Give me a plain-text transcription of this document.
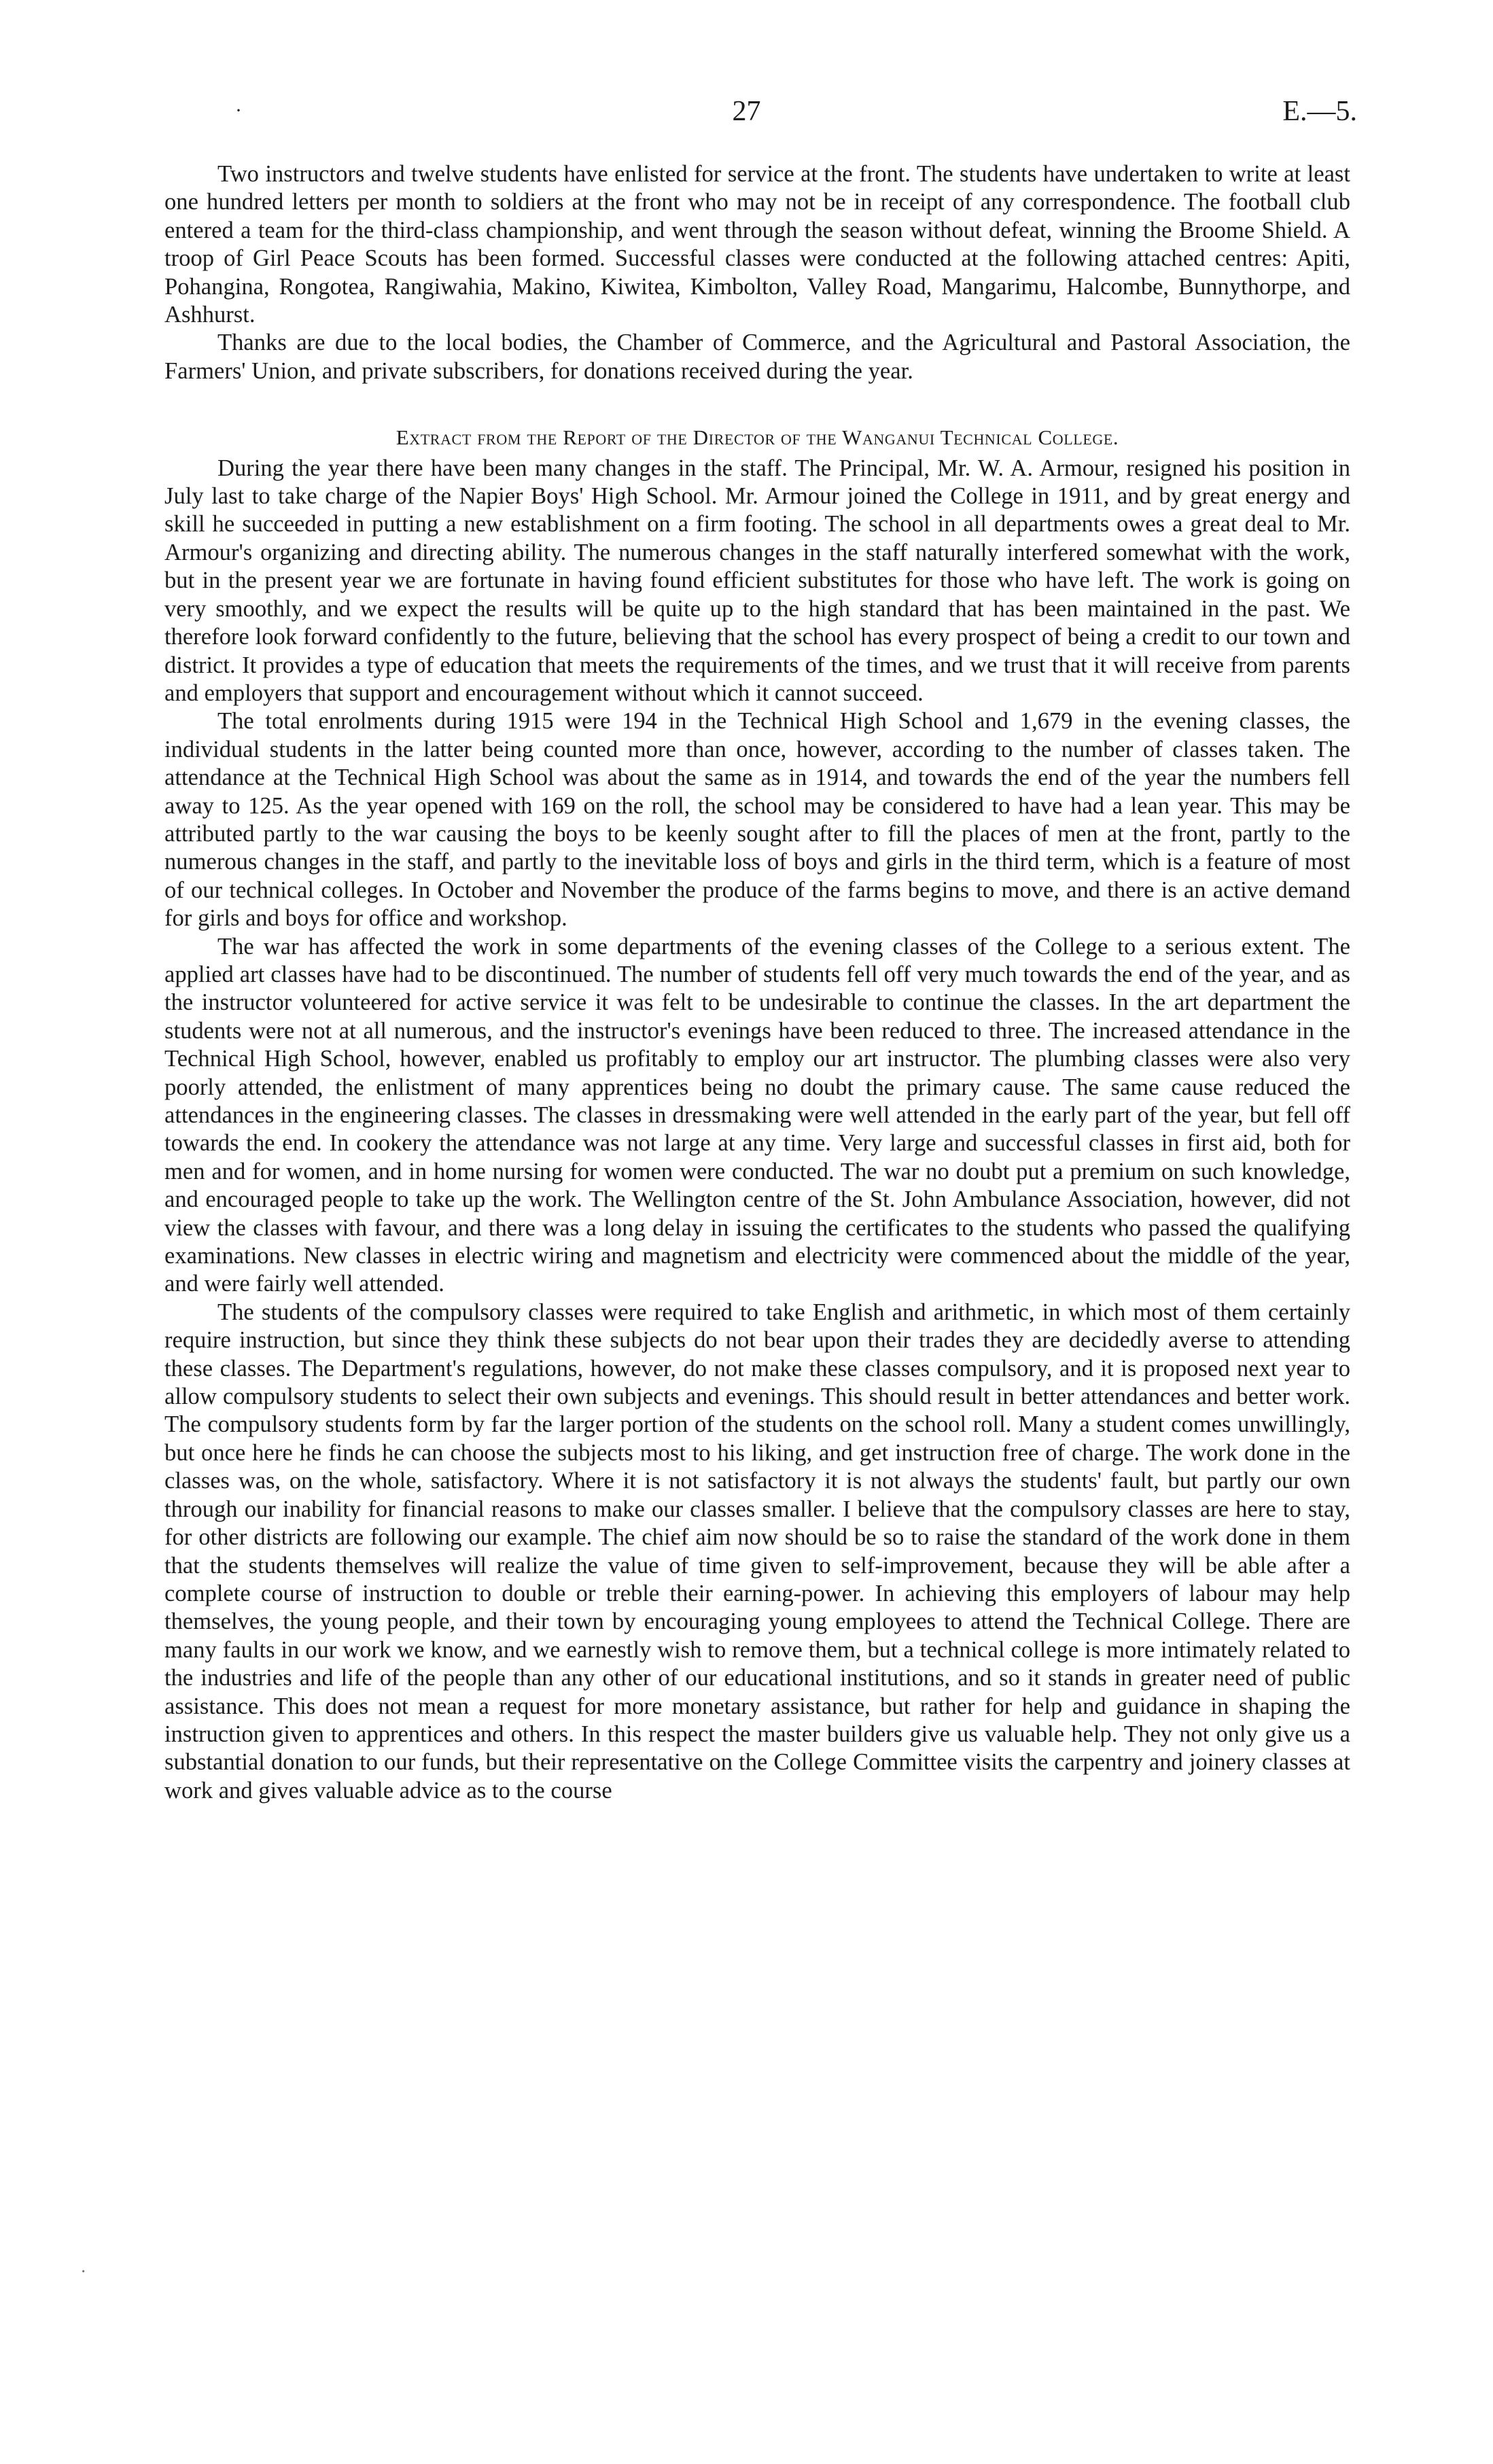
·	27	E.—5.

Two instructors and twelve students have enlisted for service at the front. The students have undertaken to write at least one hundred letters per month to soldiers at the front who may not be in receipt of any correspondence. The football club entered a team for the third-class championship, and went through the season without defeat, winning the Broome Shield. A troop of Girl Peace Scouts has been formed. Successful classes were conducted at the following attached centres: Apiti, Pohangina, Rongotea, Rangiwahia, Makino, Kiwitea, Kimbolton, Valley Road, Mangarimu, Halcombe, Bunnythorpe, and Ashhurst.

Thanks are due to the local bodies, the Chamber of Commerce, and the Agricultural and Pastoral Association, the Farmers' Union, and private subscribers, for donations received during the year.

Extract from the Report of the Director of the Wanganui Technical College.

During the year there have been many changes in the staff. The Principal, Mr. W. A. Armour, resigned his position in July last to take charge of the Napier Boys' High School. Mr. Armour joined the College in 1911, and by great energy and skill he succeeded in putting a new establishment on a firm footing. The school in all departments owes a great deal to Mr. Armour's organizing and directing ability. The numerous changes in the staff naturally interfered somewhat with the work, but in the present year we are fortunate in having found efficient substitutes for those who have left. The work is going on very smoothly, and we expect the results will be quite up to the high standard that has been maintained in the past. We therefore look forward confidently to the future, believing that the school has every prospect of being a credit to our town and district. It provides a type of education that meets the requirements of the times, and we trust that it will receive from parents and employers that support and encouragement without which it cannot succeed.

The total enrolments during 1915 were 194 in the Technical High School and 1,679 in the evening classes, the individual students in the latter being counted more than once, however, according to the number of classes taken. The attendance at the Technical High School was about the same as in 1914, and towards the end of the year the numbers fell away to 125. As the year opened with 169 on the roll, the school may be considered to have had a lean year. This may be attributed partly to the war causing the boys to be keenly sought after to fill the places of men at the front, partly to the numerous changes in the staff, and partly to the inevitable loss of boys and girls in the third term, which is a feature of most of our technical colleges. In October and November the produce of the farms begins to move, and there is an active demand for girls and boys for office and workshop.

The war has affected the work in some departments of the evening classes of the College to a serious extent. The applied art classes have had to be discontinued. The number of students fell off very much towards the end of the year, and as the instructor volunteered for active service it was felt to be undesirable to continue the classes. In the art department the students were not at all numerous, and the instructor's evenings have been reduced to three. The increased attendance in the Technical High School, however, enabled us profitably to employ our art instructor. The plumbing classes were also very poorly attended, the enlistment of many apprentices being no doubt the primary cause. The same cause reduced the attendances in the engineering classes. The classes in dressmaking were well attended in the early part of the year, but fell off towards the end. In cookery the attendance was not large at any time. Very large and successful classes in first aid, both for men and for women, and in home nursing for women were conducted. The war no doubt put a premium on such knowledge, and encouraged people to take up the work. The Wellington centre of the St. John Ambulance Association, however, did not view the classes with favour, and there was a long delay in issuing the certificates to the students who passed the qualifying examinations. New classes in electric wiring and magnetism and electricity were commenced about the middle of the year, and were fairly well attended.

The students of the compulsory classes were required to take English and arithmetic, in which most of them certainly require instruction, but since they think these subjects do not bear upon their trades they are decidedly averse to attending these classes. The Department's regulations, however, do not make these classes compulsory, and it is proposed next year to allow compulsory students to select their own subjects and evenings. This should result in better attendances and better work. The compulsory students form by far the larger portion of the students on the school roll. Many a student comes unwillingly, but once here he finds he can choose the subjects most to his liking, and get instruction free of charge. The work done in the classes was, on the whole, satisfactory. Where it is not satisfactory it is not always the students' fault, but partly our own through our inability for financial reasons to make our classes smaller. I believe that the compulsory classes are here to stay, for other districts are following our example. The chief aim now should be so to raise the standard of the work done in them that the students themselves will realize the value of time given to self-improvement, because they will be able after a complete course of instruction to double or treble their earning-power. In achieving this employers of labour may help themselves, the young people, and their town by encouraging young employees to attend the Technical College. There are many faults in our work we know, and we earnestly wish to remove them, but a technical college is more intimately related to the industries and life of the people than any other of our educational institutions, and so it stands in greater need of public assistance. This does not mean a request for more monetary assistance, but rather for help and guidance in shaping the instruction given to apprentices and others. In this respect the master builders give us valuable help. They not only give us a substantial donation to our funds, but their representative on the College Committee visits the carpentry and joinery classes at work and gives valuable advice as to the course

·
